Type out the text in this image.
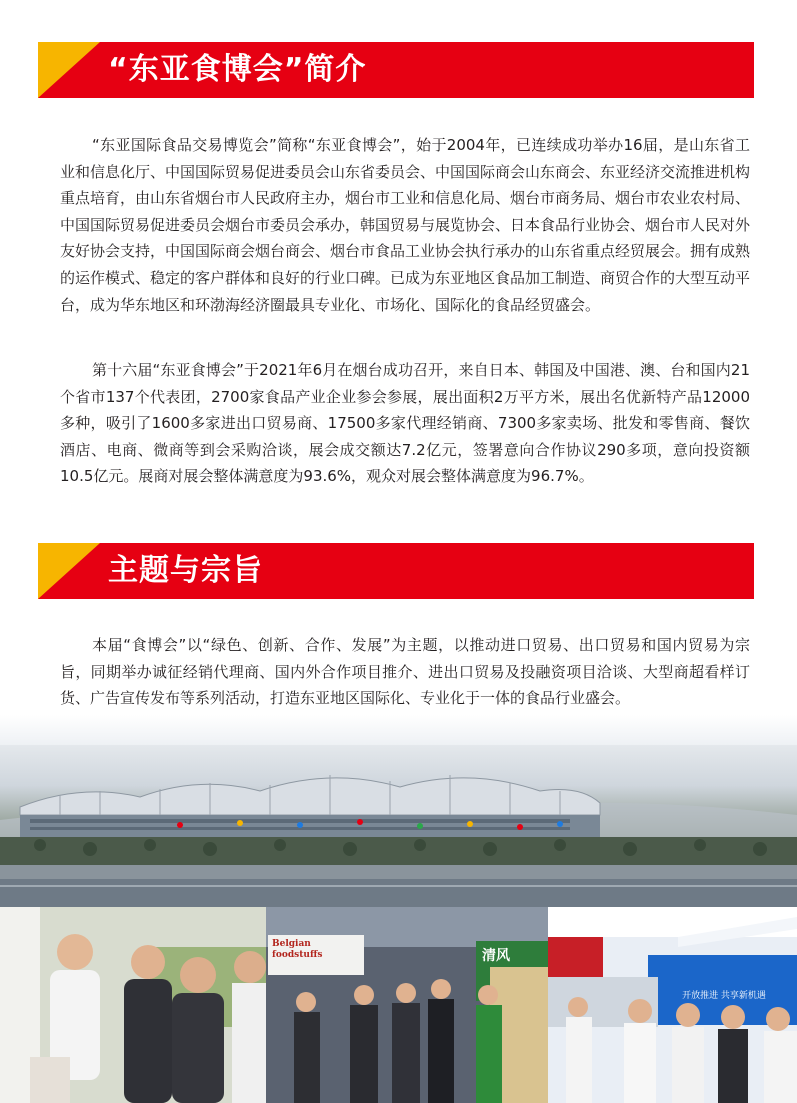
“东亚食博会”简介

“东亚国际食品交易博览会”简称“东亚食博会”，始于2004年，已连续成功举办16届，是山东省工业和信息化厅、中国国际贸易促进委员会山东省委员会、中国国际商会山东商会、东亚经济交流推进机构重点培育，由山东省烟台市人民政府主办，烟台市工业和信息化局、烟台市商务局、烟台市农业农村局、中国国际贸易促进委员会烟台市委员会承办，韩国贸易与展览协会、日本食品行业协会、烟台市人民对外友好协会支持，中国国际商会烟台商会、烟台市食品工业协会执行承办的山东省重点经贸展会。拥有成熟的运作模式、稳定的客户群体和良好的行业口碑。已成为东亚地区食品加工制造、商贸合作的大型互动平台，成为华东地区和环渤海经济圈最具专业化、市场化、国际化的食品经贸盛会。

第十六届“东亚食博会”于2021年6月在烟台成功召开，来自日本、韩国及中国港、澳、台和国内21个省市137个代表团，2700家食品产业企业参会参展，展出面积2万平方米，展出名优新特产品12000多种，吸引了1600多家进出口贸易商、17500多家代理经销商、7300多家卖场、批发和零售商、餐饮酒店、电商、微商等到会采购洽谈，展会成交额达7.2亿元，签署意向合作协议290多项，意向投资额10.5亿元。展商对展会整体满意度为93.6%，观众对展会整体满意度为96.7%。

主题与宗旨

本届“食博会”以“绿色、创新、合作、发展”为主题，以推动进口贸易、出口贸易和国内贸易为宗旨，同期举办诚征经销代理商、国内外合作项目推介、进出口贸易及投融资项目洽谈、大型商超看样订货、广告宣传发布等系列活动，打造东亚地区国际化、专业化于一体的食品行业盛会。

Belgian foodstuffs	清风
开放推进 共享新机遇
